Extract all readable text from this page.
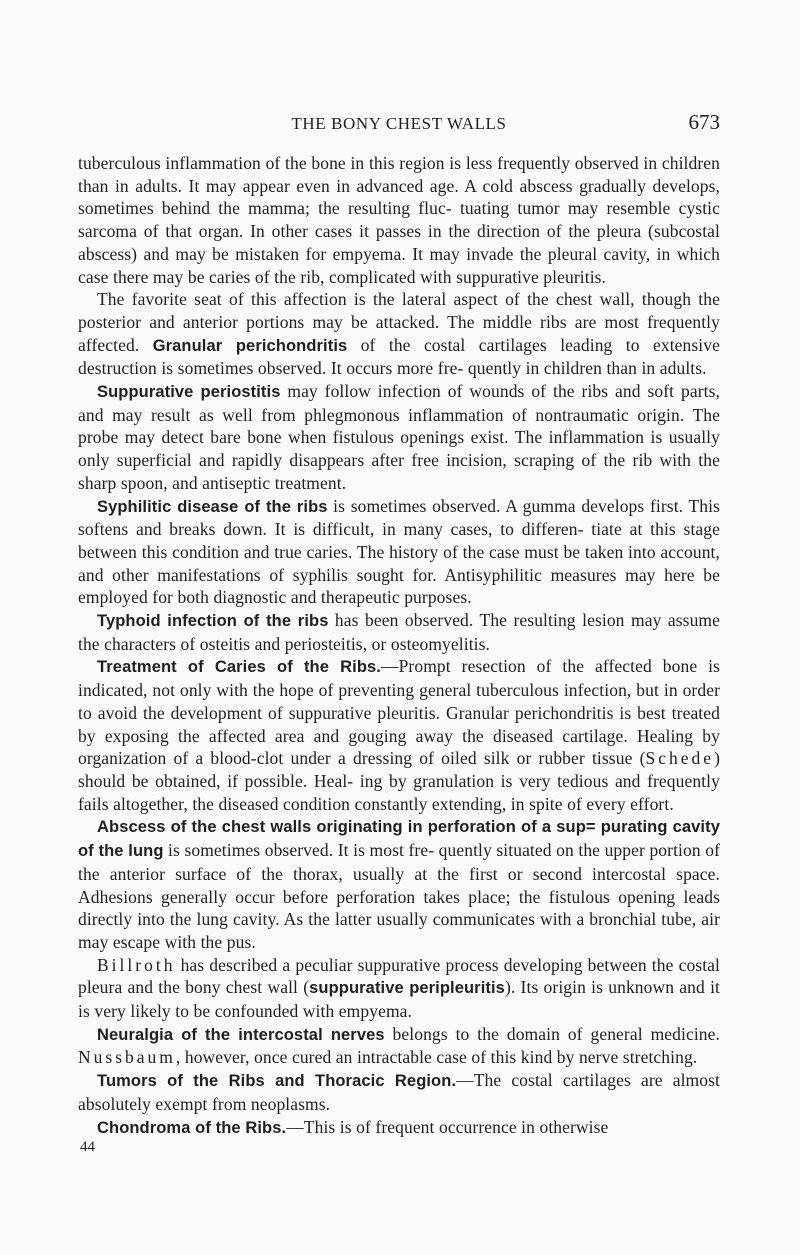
THE BONY CHEST WALLS	673

tuberculous inflammation of the bone in this region is less frequently observed in children than in adults. It may appear even in advanced age. A cold abscess gradually develops, sometimes behind the mamma; the resulting fluc- tuating tumor may resemble cystic sarcoma of that organ. In other cases it passes in the direction of the pleura (subcostal abscess) and may be mistaken for empyema. It may invade the pleural cavity, in which case there may be caries of the rib, complicated with suppurative pleuritis.

The favorite seat of this affection is the lateral aspect of the chest wall, though the posterior and anterior portions may be attacked. The middle ribs are most frequently affected. Granular perichondritis of the costal cartilages leading to extensive destruction is sometimes observed. It occurs more fre- quently in children than in adults.

Suppurative periostitis may follow infection of wounds of the ribs and soft parts, and may result as well from phlegmonous inflammation of nontraumatic origin. The probe may detect bare bone when fistulous openings exist. The inflammation is usually only superficial and rapidly disappears after free incision, scraping of the rib with the sharp spoon, and antiseptic treatment.

Syphilitic disease of the ribs is sometimes observed. A gumma develops first. This softens and breaks down. It is difficult, in many cases, to differen- tiate at this stage between this condition and true caries. The history of the case must be taken into account, and other manifestations of syphilis sought for. Antisyphilitic measures may here be employed for both diagnostic and therapeutic purposes.

Typhoid infection of the ribs has been observed. The resulting lesion may assume the characters of osteitis and periosteitis, or osteomyelitis.

Treatment of Caries of the Ribs.—Prompt resection of the affected bone is indicated, not only with the hope of preventing general tuberculous infection, but in order to avoid the development of suppurative pleuritis. Granular perichondritis is best treated by exposing the affected area and gouging away the diseased cartilage. Healing by organization of a blood-clot under a dressing of oiled silk or rubber tissue (Schede) should be obtained, if possible. Heal- ing by granulation is very tedious and frequently fails altogether, the diseased condition constantly extending, in spite of every effort.

Abscess of the chest walls originating in perforation of a sup= purating cavity of the lung is sometimes observed. It is most fre- quently situated on the upper portion of the anterior surface of the thorax, usually at the first or second intercostal space. Adhesions generally occur before perforation takes place; the fistulous opening leads directly into the lung cavity. As the latter usually communicates with a bronchial tube, air may escape with the pus.

Billroth has described a peculiar suppurative process developing between the costal pleura and the bony chest wall (suppurative peripleuritis). Its origin is unknown and it is very likely to be confounded with empyema.

Neuralgia of the intercostal nerves belongs to the domain of general medicine. Nussbaum, however, once cured an intractable case of this kind by nerve stretching.

Tumors of the Ribs and Thoracic Region.—The costal cartilages are almost absolutely exempt from neoplasms.

Chondroma of the Ribs.—This is of frequent occurrence in otherwise

44
